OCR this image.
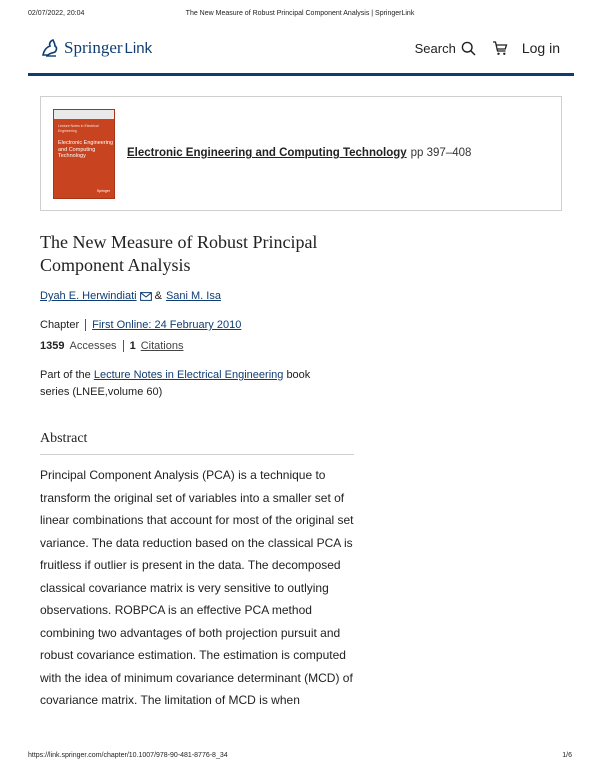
02/07/2022, 20:04	The New Measure of Robust Principal Component Analysis | SpringerLink
Springer Link	Search	Log in
Lecture Notes in Electrical Engineering
Electronic Engineering and Computing Technology
Springer
Electronic Engineering and Computing Technology pp 397–408
The New Measure of Robust Principal Component Analysis
Dyah E. Herwindiati & Sani M. Isa
Chapter First Online: 24 February 2010
1359 Accesses 1 Citations
Part of the Lecture Notes in Electrical Engineering book series (LNEE,volume 60)
Abstract

Principal Component Analysis (PCA) is a technique to transform the original set of variables into a smaller set of linear combinations that account for most of the original set variance. The data reduction based on the classical PCA is fruitless if outlier is present in the data. The decomposed classical covariance matrix is very sensitive to outlying observations. ROBPCA is an effective PCA method combining two advantages of both projection pursuit and robust covariance estimation. The estimation is computed with the idea of minimum covariance determinant (MCD) of covariance matrix. The limitation of MCD is when

https://link.springer.com/chapter/10.1007/978-90-481-8776-8_34	1/6
